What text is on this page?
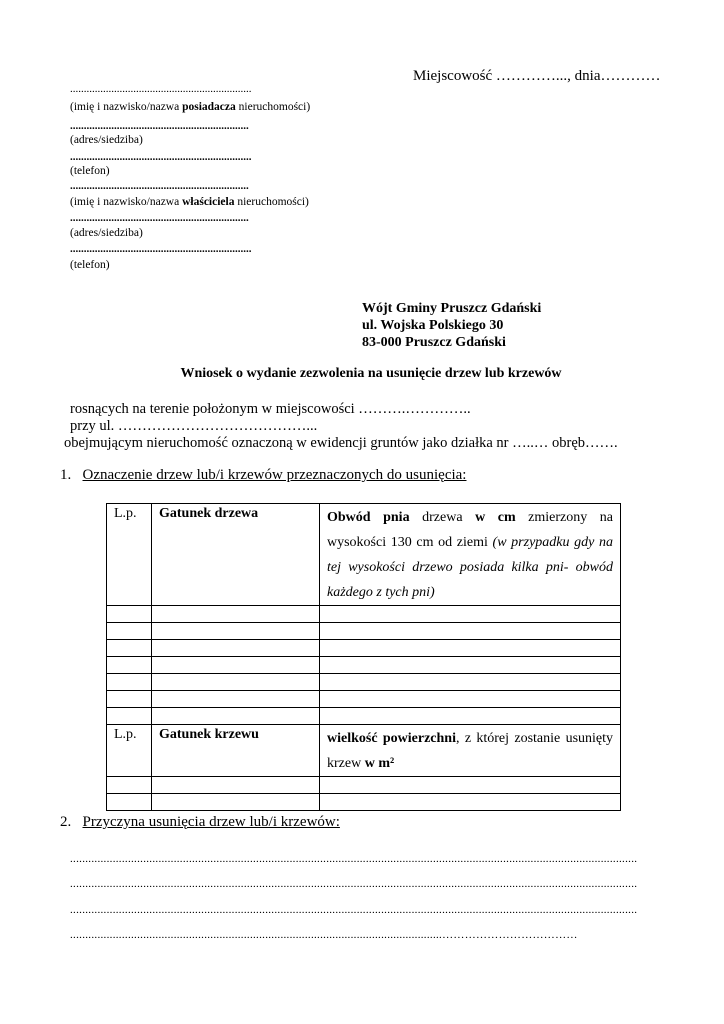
Miejscowość …………..., dnia…………
..................................................................
(imię i nazwisko/nazwa posiadacza nieruchomości)
.................................................................
(adres/siedziba)
..................................................................
(telefon)
.................................................................
(imię i nazwisko/nazwa właściciela nieruchomości)
.................................................................
(adres/siedziba)
..................................................................
(telefon)
Wójt Gminy Pruszcz Gdański
ul. Wojska Polskiego 30
83-000 Pruszcz Gdański
Wniosek o wydanie zezwolenia na usunięcie drzew lub krzewów
rosnących na terenie położonym w miejscowości ……….…………..
przy ul. …………………………………...
obejmującym nieruchomość oznaczoną w ewidencji gruntów jako działka nr …..… obręb…….
1. Oznaczenie drzew lub/i krzewów przeznaczonych do usunięcia:
L.p.	Gatunek drzewa	Obwód pnia drzewa w cm zmierzony na wysokości 130 cm od ziemi (w przypadku gdy na tej wysokości drzewo posiada kilka pni- obwód każdego z tych pni)

L.p.	Gatunek krzewu	wielkość powierzchni, z której zostanie usunięty krzew w m²

2. Przyczyna usunięcia drzew lub/i krzewów:
..........................................................................................................................................................................................
..........................................................................................................................................................................................
..........................................................................................................................................................................................
..........................................................................................................................………………………………
